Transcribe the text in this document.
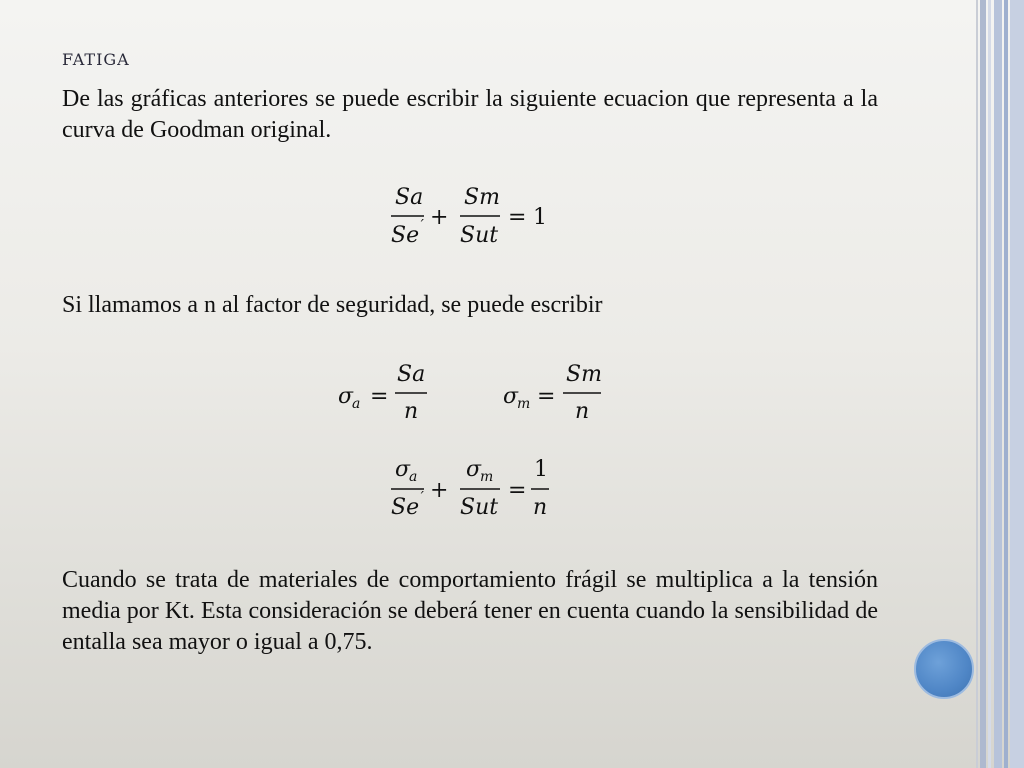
FATIGA
De las gráficas anteriores se puede escribir la siguiente ecuacion que representa a la curva de Goodman original.
Si llamamos a n al factor de seguridad, se puede escribir
Cuando se trata de materiales de comportamiento frágil se multiplica a la tensión media por Kt. Esta consideración se deberá tener en cuenta cuando la sensibilidad de entalla sea mayor o igual a 0,75.
Sa
Se
´ +
Sm
Sut
= 1
σ
a =
Sa
n
σ
m =
Sm
n
σ
a
Se
´ +
σ
m
Sut
=
1
n
